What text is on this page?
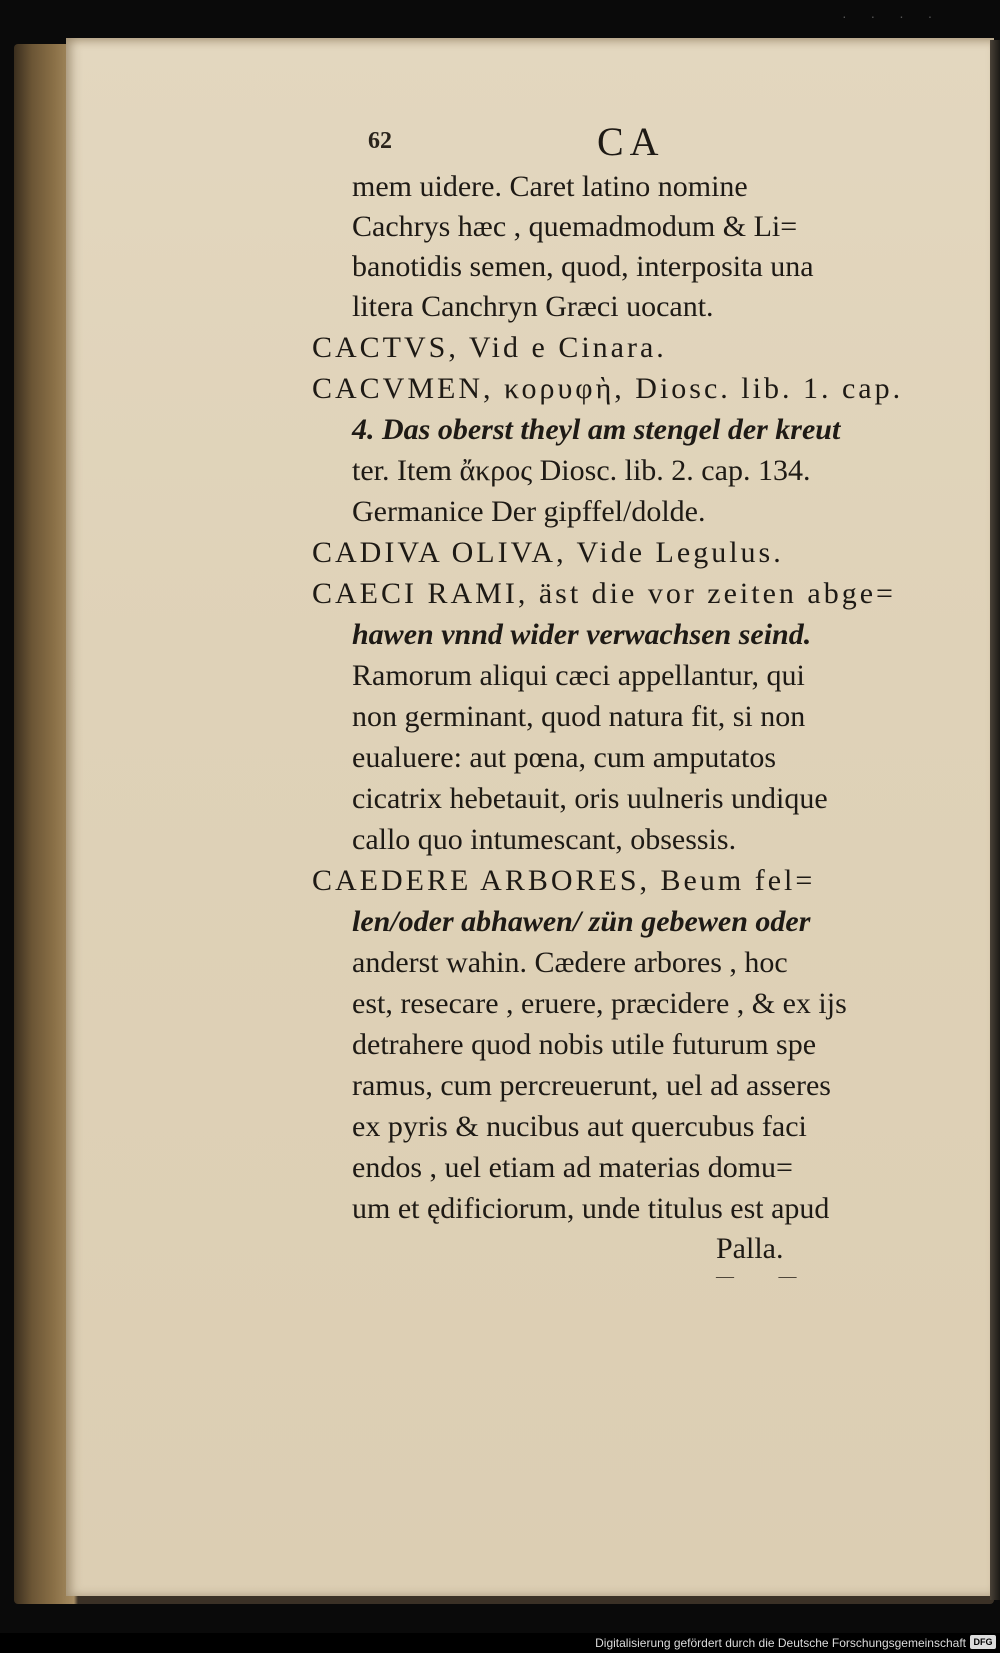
· · · ·
62	CA
mem uidere. Caret latino nomine
Cachrys hæc , quemadmodum & Li=
banotidis semen, quod, interposita una
litera Canchryn Græci uocant.
CACTVS, Vid e Cinara.
CACVMEN, κορυφὴ, Diosc. lib. 1. cap.
4. Das oberst theyl am stengel der kreut
ter. Item ἄκρος Diosc. lib. 2. cap. 134.
Germanice Der gipffel/dolde.
CADIVA OLIVA, Vide Legulus.
CAECI RAMI, äst die vor zeiten abge=
hawen vnnd wider verwachsen seind.
Ramorum aliqui cæci appellantur, qui
non germinant, quod natura fit, si non
eualuere: aut pœna, cum amputatos
cicatrix hebetauit, oris uulneris undique
callo quo intumescant, obsessis.
CAEDERE ARBORES, Beum fel=
len/oder abhawen/ zün gebewen oder
anderst wahin. Cædere arbores , hoc
est, resecare , eruere, præcidere , & ex ijs
detrahere quod nobis utile futurum spe
ramus, cum percreuerunt, uel ad asseres
ex pyris & nucibus aut quercubus faci
endos , uel etiam ad materias domu=
um et ędificiorum, unde titulus est apud
Palla.
— —
Digitalisierung gefördert durch die Deutsche Forschungsgemeinschaft DFG
